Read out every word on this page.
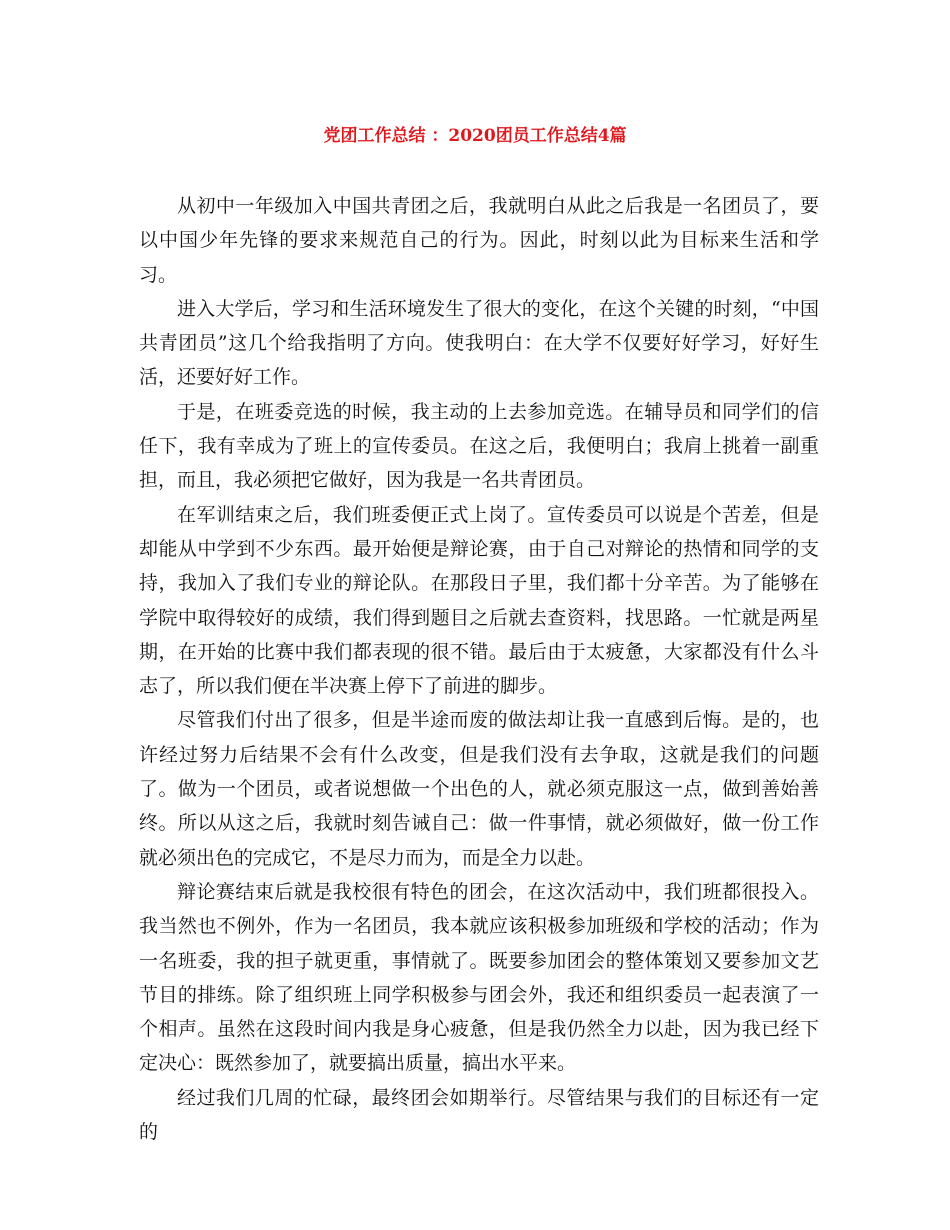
党团工作总结 ：2020团员工作总结4篇

从初中一年级加入中国共青团之后，我就明白从此之后我是一名团员了，要以中国少年先锋的要求来规范自己的行为。因此，时刻以此为目标来生活和学习。

进入大学后，学习和生活环境发生了很大的变化，在这个关键的时刻，“中国共青团员”这几个给我指明了方向。使我明白：在大学不仅要好好学习，好好生活，还要好好工作。

于是，在班委竞选的时候，我主动的上去参加竞选。在辅导员和同学们的信任下，我有幸成为了班上的宣传委员。在这之后，我便明白；我肩上挑着一副重担，而且，我必须把它做好，因为我是一名共青团员。

在军训结束之后，我们班委便正式上岗了。宣传委员可以说是个苦差，但是却能从中学到不少东西。最开始便是辩论赛，由于自己对辩论的热情和同学的支持，我加入了我们专业的辩论队。在那段日子里，我们都十分辛苦。为了能够在学院中取得较好的成绩，我们得到题目之后就去查资料，找思路。一忙就是两星期，在开始的比赛中我们都表现的很不错。最后由于太疲惫，大家都没有什么斗志了，所以我们便在半决赛上停下了前进的脚步。

尽管我们付出了很多，但是半途而废的做法却让我一直感到后悔。是的，也许经过努力后结果不会有什么改变，但是我们没有去争取，这就是我们的问题了。做为一个团员，或者说想做一个出色的人，就必须克服这一点，做到善始善终。所以从这之后，我就时刻告诫自己：做一件事情，就必须做好，做一份工作就必须出色的完成它，不是尽力而为，而是全力以赴。

辩论赛结束后就是我校很有特色的团会，在这次活动中，我们班都很投入。我当然也不例外，作为一名团员，我本就应该积极参加班级和学校的活动；作为一名班委，我的担子就更重，事情就了。既要参加团会的整体策划又要参加文艺节目的排练。除了组织班上同学积极参与团会外，我还和组织委员一起表演了一个相声。虽然在这段时间内我是身心疲惫，但是我仍然全力以赴，因为我已经下定决心：既然参加了，就要搞出质量，搞出水平来。

经过我们几周的忙碌，最终团会如期举行。尽管结果与我们的目标还有一定的
